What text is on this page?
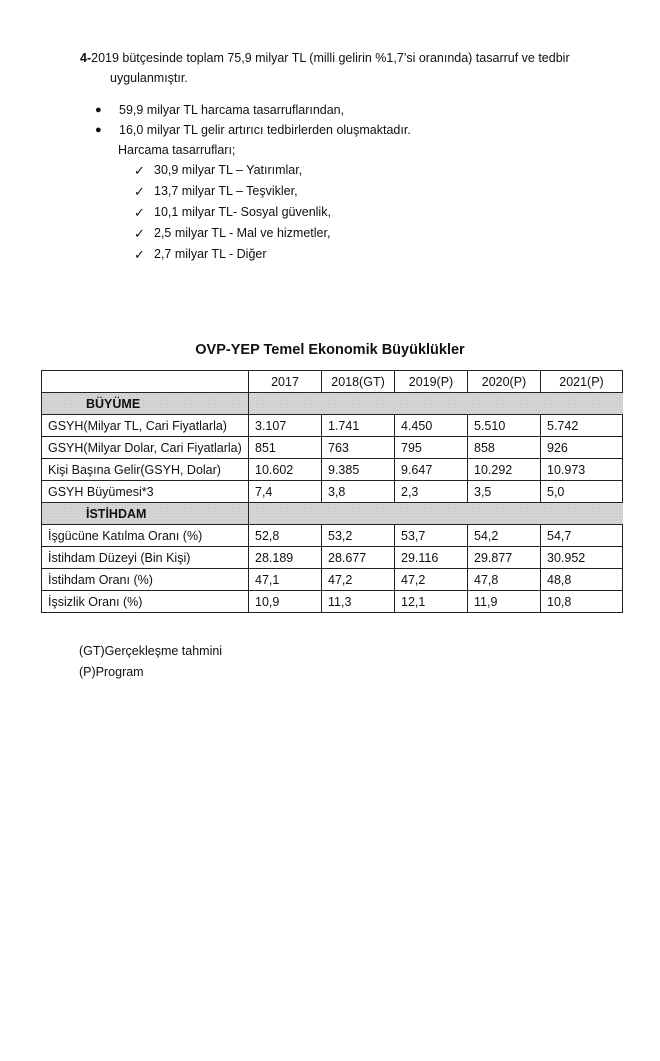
4-2019 bütçesinde toplam 75,9 milyar TL (milli gelirin %1,7’si oranında) tasarruf ve tedbir
uygulanmıştır.
●	59,9 milyar TL harcama tasarruflarından,
●	16,0 milyar TL gelir artırıcı tedbirlerden oluşmaktadır.
Harcama tasarrufları;
✓ 30,9 milyar TL – Yatırımlar,
✓ 13,7 milyar TL – Teşvikler,
✓ 10,1 milyar TL- Sosyal güvenlik,
✓ 2,5 milyar TL - Mal ve hizmetler,
✓ 2,7 milyar TL - Diğer
OVP-YEP Temel Ekonomik Büyüklükler
	2017	2018(GT)	2019(P)	2020(P)	2021(P)
BÜYÜME					
GSYH(Milyar TL, Cari Fiyatlarla)	3.107	1.741	4.450	5.510	5.742
GSYH(Milyar Dolar, Cari Fiyatlarla)	851	763	795	858	926
Kişi Başına Gelir(GSYH, Dolar)	10.602	9.385	9.647	10.292	10.973
GSYH Büyümesi*3	7,4	3,8	2,3	3,5	5,0
İSTİHDAM					
İşgücüne Katılma Oranı (%)	52,8	53,2	53,7	54,2	54,7
İstihdam Düzeyi (Bin Kişi)	28.189	28.677	29.116	29.877	30.952
İstihdam Oranı (%)	47,1	47,2	47,2	47,8	48,8
İşsizlik Oranı (%)	10,9	11,3	12,1	11,9	10,8
(GT)Gerçekleşme tahmini
(P)Program
